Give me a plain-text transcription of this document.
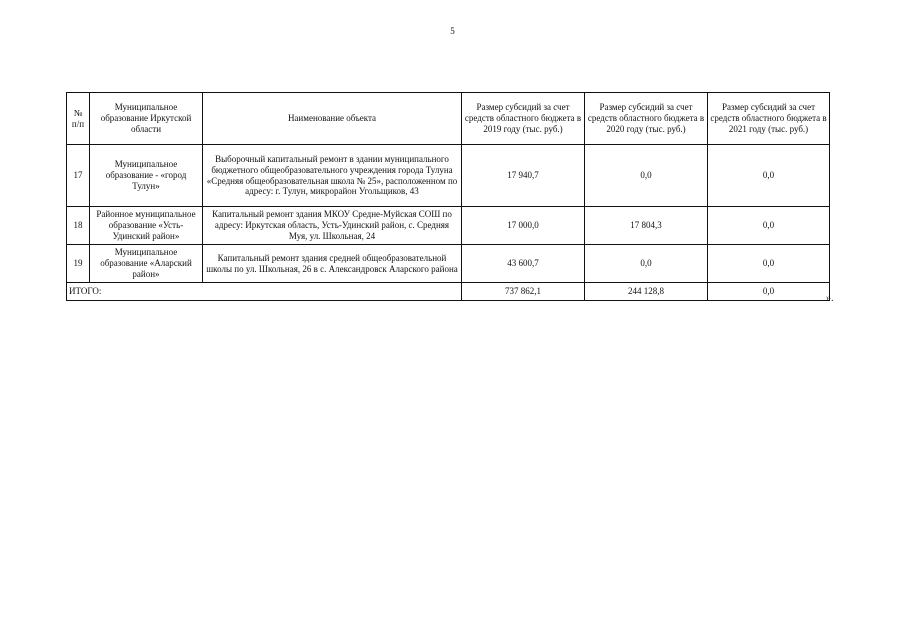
5
№ п/п	Муниципальное образование Иркутской области	Наименование объекта	Размер субсидий за счет средств областного бюджета в 2019 году (тыс. руб.)	Размер субсидий за счет средств областного бюджета в 2020 году (тыс. руб.)	Размер субсидий за счет средств областного бюджета в 2021 году (тыс. руб.)
17	Муниципальное образование - «город Тулун»	Выборочный капитальный ремонт в здании муниципального бюджетного общеобразовательного учреждения города Тулуна «Средняя общеобразовательная школа № 25», расположенном по адресу: г. Тулун, микрорайон Угольщиков, 43	17 940,7	0,0	0,0
18	Районное муниципальное образование «Усть-Удинский район»	Капитальный ремонт здания МКОУ Средне-Муйская СОШ по адресу: Иркутская область, Усть-Удинский район, с. Средняя Муя, ул. Школьная, 24	17 000,0	17 804,3	0,0
19	Муниципальное образование «Аларский район»	Капитальный ремонт здания средней общеобразовательной школы по ул. Школьная, 26 в с. Александровск Аларского района	43 600,7	0,0	0,0
ИТОГО:			737 862,1	244 128,8	0,0
».
